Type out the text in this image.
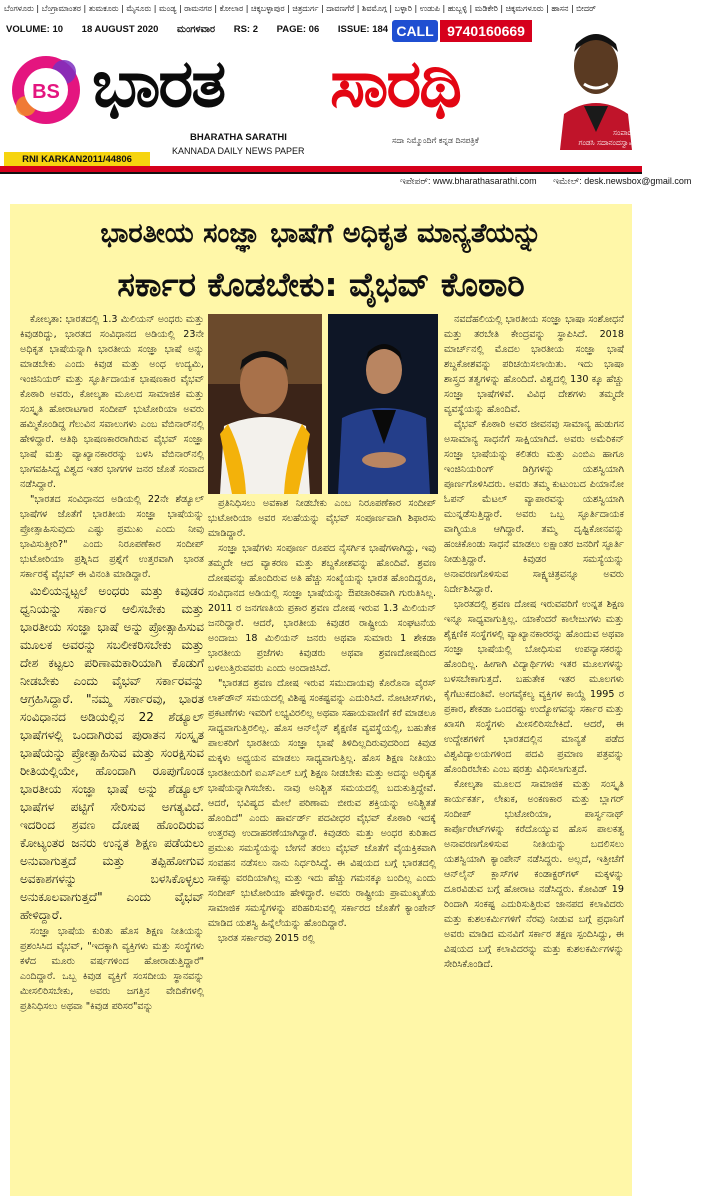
ಬೆಂಗಳೂರು | ಬೆಂಗ್ರಾಮಾಂತರ | ತುಮಕೂರು | ಮೈಸೂರು | ಮಂಡ್ಯ | ರಾಮನಗರ | ಕೋಲಾರ | ಚಿಕ್ಕಬಳ್ಳಾಪುರ | ಚಿತ್ರದುರ್ಗ | ದಾವಣಗೆರೆ | ಶಿವಮೊಗ್ಗ | ಬಳ್ಳಾರಿ | ಉಡುಪಿ | ಹುಬ್ಬಳ್ಳಿ | ಮಡಿಕೇರಿ | ಚಿಕ್ಕಮಗಳೂರು | ಹಾಸನ | ಬೀದರ್
VOLUME: 10 18 AUGUST 2020 ಮಂಗಳವಾರ RS: 2 PAGE: 06 ISSUE: 184 CALL 9740160669
BS ಭಾರತ ಸಾರಥಿ
BHARATHA SARATHI
KANNADA DAILY NEWS PAPER
ಸದಾ ನಿಮ್ಮೊಂದಿಗೆ ಕನ್ನಡ ದಿನಪತ್ರಿಕೆ
RNI KARKAN2011/44806
ಸಂಪಾದಕ
ಗಂಡಸಿ ಸದಾನಂದಸ್ವಾಮಿ
ಇಪೇಪರ್: www.bharathasarathi.com ಇಮೇಲ್: desk.newsbox@gmail.com
ಭಾರತೀಯ ಸಂಜ್ಞಾ ಭಾಷೆಗೆ ಅಧಿಕೃತ ಮಾನ್ಯತೆಯನ್ನು
ಸರ್ಕಾರ ಕೊಡಬೇಕು: ವೈಭವ್ ಕೊಠಾರಿ

ಕೋಲ್ಕತಾ: ಭಾರತದಲ್ಲಿ 1.3 ಮಿಲಿಯನ್ ಅಂಧರು ಮತ್ತು ಕಿವುಡರಿದ್ದು, ಭಾರತದ ಸಂವಿಧಾನದ ಅಡಿಯಲ್ಲಿ 23ನೇ ಅಧಿಕೃತ ಭಾಷೆಯನ್ನಾಗಿ ಭಾರತೀಯ ಸಂಜ್ಞಾ ಭಾಷೆ ಅನ್ನು ಮಾಡಬೇಕು ಎಂದು ಕಿವುಡ ಮತ್ತು ಅಂಧ ಉದ್ಯಮಿ, ಇಂಜಿನಿಯರ್ ಮತ್ತು ಸ್ಫೂರ್ತಿದಾಯಕ ಭಾಷಣಕಾರ ವೈಭವ್ ಕೊಠಾರಿ ಅವರು, ಕೋಲ್ಕತಾ ಮೂಲದ ಸಾಮಾಜಿಕ ಮತ್ತು ಸಂಸ್ಕೃತಿ ಹೋರಾಟಗಾರ ಸಂದೀಪ್ ಭುಟೋರಿಯಾ ಅವರು ಹಮ್ಮಿಕೊಂಡಿದ್ದ ಗೆಲುವಿನ ಸವಾಲುಗಳು ಎಂಬ ವೆಬಿನಾರ್‌ನಲ್ಲಿ ಹೇಳಿದ್ದಾರೆ. ಆತಿಥಿ ಭಾಷಣಕಾರರಾಗಿರುವ ವೈಭವ್ ಸಂಜ್ಞಾ ಭಾಷೆ ಮತ್ತು ವ್ಯಾಖ್ಯಾನಕಾರರನ್ನು ಬಳಸಿ ವೆಬಿನಾರ್‌ನಲ್ಲಿ ಭಾಗವಹಿಸಿದ್ದ ವಿಶ್ವದ ಇತರ ಭಾಗಗಳ ಜನರ ಜೊತೆ ಸಂವಾದ ನಡೆಸಿದ್ದಾರೆ.

"ಭಾರತದ ಸಂವಿಧಾನದ ಅಡಿಯಲ್ಲಿ 22ನೇ ಶೆಡ್ಯೂಲ್ ಭಾಷೆಗಳ ಜೊತೆಗೆ ಭಾರತೀಯ ಸಂಜ್ಞಾ ಭಾಷೆಯನ್ನು ಪ್ರೋತ್ಸಾಹಿಸುವುದು ಎಷ್ಟು ಪ್ರಮುಖ ಎಂದು ನೀವು ಭಾವಿಸುತ್ತೀರಿ?" ಎಂದು ನಿರೂಪಣೆಕಾರ ಸಂದೀಪ್ ಭುಟೋರಿಯಾ ಪ್ರಶ್ನಿಸಿದ ಪ್ರಶ್ನೆಗೆ ಉತ್ತರವಾಗಿ ಭಾರತ ಸರ್ಕಾರಕ್ಕೆ ವೈಭವ್ ಈ ವಿನಂತಿ ಮಾಡಿದ್ದಾರೆ.

ಮಿಲಿಯನ್ನಟ್ಟಲೆ ಅಂಧರು ಮತ್ತು ಕಿವುಡರ ಧ್ವನಿಯನ್ನು ಸರ್ಕಾರ ಆಲಿಸಬೇಕು ಮತ್ತು ಭಾರತೀಯ ಸಂಜ್ಞಾ ಭಾಷೆ ಅನ್ನು ಪ್ರೋತ್ಸಾಹಿಸುವ ಮೂಲಕ ಅವರನ್ನು ಸಬಲೀಕರಿಸಬೇಕು ಮತ್ತು ದೇಶ ಕಟ್ಟಲು ಪರಿಣಾಮಕಾರಿಯಾಗಿ ಕೊಡುಗೆ ನೀಡಬೇಕು ಎಂದು ವೈಭವ್ ಸರ್ಕಾರವನ್ನು ಆಗ್ರಹಿಸಿದ್ದಾರೆ. "ನಮ್ಮ ಸರ್ಕಾರವು, ಭಾರತ ಸಂವಿಧಾನದ ಅಡಿಯಲ್ಲಿನ 22 ಶೆಡ್ಯೂಲ್ ಭಾಷೆಗಳಲ್ಲಿ ಒಂದಾಗಿರುವ ಪುರಾತನ ಸಂಸ್ಕೃತ ಭಾಷೆಯನ್ನು ಪ್ರೋತ್ಸಾಹಿಸುವ ಮತ್ತು ಸಂರಕ್ಷಿಸುವ ರೀತಿಯಲ್ಲಿಯೇ, ಹೊಂದಾಗಿ ರೂಪುಗೊಂಡ ಭಾರತೀಯ ಸಂಜ್ಞಾ ಭಾಷೆ ಅನ್ನು ಶೆಡ್ಯೂಲ್ ಭಾಷೆಗಳ ಪಟ್ಟಿಗೆ ಸೇರಿಸುವ ಅಗತ್ಯವಿದೆ. ಇದರಿಂದ ಶ್ರವಣ ದೋಷ ಹೊಂದಿರುವ ಕೋಟ್ಯಂತರ ಜನರು ಉನ್ನತ ಶಿಕ್ಷಣ ಪಡೆಯಲು ಅನುವಾಗುತ್ತದೆ ಮತ್ತು ತಪ್ಪಿಹೋಗುವ ಅವಕಾಶಗಳನ್ನು ಬಳಸಿಕೊಳ್ಳಲು ಅನುಕೂಲವಾಗುತ್ತದೆ" ಎಂದು ವೈಭವ್ ಹೇಳಿದ್ದಾರೆ.

ಸಂಜ್ಞಾ ಭಾಷೆಯ ಕುರಿತು ಹೊಸ ಶಿಕ್ಷಣ ನೀತಿಯನ್ನು ಪ್ರಶಂಸಿಸಿದ ವೈಭವ್, "ಇದಕ್ಕಾಗಿ ವ್ಯಕ್ತಿಗಳು ಮತ್ತು ಸಂಸ್ಥೆಗಳು ಕಳೆದ ಮೂರು ವರ್ಷಗಳಿಂದ ಹೋರಾಡುತ್ತಿದ್ದಾರೆ" ಎಂದಿದ್ದಾರೆ. ಒಬ್ಬ ಕಿವುಡ ವ್ಯಕ್ತಿಗೆ ಸಂಸದೀಯ ಸ್ಥಾನವನ್ನು ಮೀಸಲಿರಿಸಬೇಕು, ಅವರು ಜಗತ್ತಿನ ವೇದಿಕೆಗಳಲ್ಲಿ ಪ್ರತಿನಿಧಿಸಲು ಅಥವಾ "ಕಿವುಡ ಪರಿಸರ"ವನ್ನು

ಪ್ರತಿನಿಧಿಸಲು ಅವಕಾಶ ನೀಡಬೇಕು ಎಂಬ ನಿರೂಪಣೆಕಾರ ಸಂದೀಪ್ ಭುಟೋರಿಯಾ ಅವರ ಸಲಹೆಯನ್ನು ವೈಭವ್ ಸಂಪೂರ್ಣವಾಗಿ ಶಿಫಾರಸು ಮಾಡಿದ್ದಾರೆ.

ಸಂಜ್ಞಾ ಭಾಷೆಗಳು ಸಂಪೂರ್ಣ ರೂಪದ ನೈಸರ್ಗಿಕ ಭಾಷೆಗಳಾಗಿದ್ದು, ಇವು ತಮ್ಮದೇ ಆದ ವ್ಯಾಕರಣ ಮತ್ತು ಶಬ್ದಕೋಶವನ್ನು ಹೊಂದಿವೆ. ಶ್ರವಣ ದೋಷವನ್ನು ಹೊಂದಿರುವ ಅತಿ ಹೆಚ್ಚು ಸಂಖ್ಯೆಯನ್ನು ಭಾರತ ಹೊಂದಿದ್ದರೂ, ಸಂವಿಧಾನದ ಅಡಿಯಲ್ಲಿ ಸಂಜ್ಞಾ ಭಾಷೆಯನ್ನು ಔಪಚಾರಿಕವಾಗಿ ಗುರುತಿಸಿಲ್ಲ. 2011 ರ ಜನಗಣತಿಯ ಪ್ರಕಾರ ಶ್ರವಣ ದೋಷ ಇರುವ 1.3 ಮಿಲಿಯನ್ ಜನರಿದ್ದಾರೆ. ಆದರೆ, ಭಾರತೀಯ ಕಿವುಡರ ರಾಷ್ಟ್ರೀಯ ಸಂಘಟನೆಯ ಅಂದಾಜು 18 ಮಿಲಿಯನ್ ಜನರು ಅಥವಾ ಸುಮಾರು 1 ಶೇಕಡಾ ಭಾರತೀಯ ಪ್ರಜೆಗಳು ಕಿವುಡರು ಅಥವಾ ಶ್ರವಣದೋಷದಿಂದ ಬಳಲುತ್ತಿರುವವರು ಎಂದು ಅಂದಾಜಿಸಿದೆ.

"ಭಾರತದ ಶ್ರವಣ ದೋಷ ಇರುವ ಸಮುದಾಯವು ಕೊರೊನಾ ವೈರಸ್ ಲಾಕ್‌ಡೌನ್ ಸಮಯದಲ್ಲಿ ವಿಶಿಷ್ಟ ಸಂಕಷ್ಟವನ್ನು ಎದುರಿಸಿದೆ. ನೋಟೀಸ್‌ಗಳು, ಪ್ರಕಟಣೆಗಳು ಇವರಿಗೆ ಲಭ್ಯವಿರಲಿಲ್ಲ ಅಥವಾ ಸಹಾಯವಾಣಿಗೆ ಕರೆ ಮಾಡಲೂ ಸಾಧ್ಯವಾಗುತ್ತಿರಲಿಲ್ಲ. ಹೊಸ ಆನ್‌ಲೈನ್ ಶೈಕ್ಷಣಿಕ ವ್ಯವಸ್ಥೆಯಲ್ಲಿ, ಬಹುತೇಕ ಪಾಲಕರಿಗೆ ಭಾರತೀಯ ಸಂಜ್ಞಾ ಭಾಷೆ ತಿಳಿದಿಲ್ಲದಿರುವುದರಿಂದ ಕಿವುಡ ಮಕ್ಕಳು ಅಧ್ಯಯನ ಮಾಡಲು ಸಾಧ್ಯವಾಗುತ್ತಿಲ್ಲ. ಹೊಸ ಶಿಕ್ಷಣ ನೀತಿಯು ಭಾರತೀಯರಿಗೆ ಐಎಸ್‌ಎಲ್ ಬಗ್ಗೆ ಶಿಕ್ಷಣ ನೀಡಬೇಕು ಮತ್ತು ಅದನ್ನು ಅಧಿಕೃತ ಭಾಷೆಯನ್ನಾಗಿಸಬೇಕು. ನಾವು ಅನಿಶ್ಚಿತ ಸಮಯದಲ್ಲಿ ಬದುಕುತ್ತಿದ್ದೇವೆ. ಆದರೆ, ಭವಿಷ್ಯದ ಮೇಲೆ ಪರಿಣಾಮ ಬೀರುವ ಶಕ್ತಿಯನ್ನು ಅನಿಶ್ಚಿತತೆ ಹೊಂದಿದೆ" ಎಂದು ಹಾರ್ವರ್ಡ್ ಪದವೀಧರ ವೈಭವ್ ಕೊಠಾರಿ ಇದಕ್ಕೆ ಉತ್ತರವು ಉದಾಹರಣೆಯಾಗಿದ್ದಾರೆ. ಕಿವುಡರು ಮತ್ತು ಅಂಧರ ಕುರಿತಾದ ಪ್ರಮುಖ ಸಮಸ್ಯೆಯನ್ನು ಬೇಗನೆ ತರಲು ವೈಭವ್ ಜೊತೆಗೆ ವೈಯಕ್ತಿಕವಾಗಿ ಸಂವಹನ ನಡೆಸಲು ನಾನು ನಿರ್ಧರಿಸಿದ್ದೆ. ಈ ವಿಷಯದ ಬಗ್ಗೆ ಭಾರತದಲ್ಲಿ ಸಾಕಷ್ಟು ವರದಿಯಾಗಿಲ್ಲ ಮತ್ತು ಇದು ಹೆಚ್ಚು ಗಮನಕ್ಕೂ ಬಂದಿಲ್ಲ ಎಂದು ಸಂದೀಪ್ ಭುಟೋರಿಯಾ ಹೇಳಿದ್ದಾರೆ. ಅವರು ರಾಷ್ಟ್ರೀಯ ಪ್ರಾಮುಖ್ಯತೆಯ ಸಾಮಾಜಿಕ ಸಮಸ್ಯೆಗಳನ್ನು ಪರಿಹರಿಸುವಲ್ಲಿ ಸರ್ಕಾರದ ಜೊತೆಗೆ ಕ್ಯಾಂಪೇನ್ ಮಾಡಿದ ಯಶಸ್ವಿ ಹಿನ್ನೆಲೆಯನ್ನು ಹೊಂದಿದ್ದಾರೆ.

ಭಾರತ ಸರ್ಕಾರವು 2015 ರಲ್ಲಿ

ನವದೆಹಲಿಯಲ್ಲಿ ಭಾರತೀಯ ಸಂಜ್ಞಾ ಭಾಷಾ ಸಂಶೋಧನೆ ಮತ್ತು ತರಬೇತಿ ಕೇಂದ್ರವನ್ನು ಸ್ಥಾಪಿಸಿದೆ. 2018 ಮಾರ್ಚ್‌ನಲ್ಲಿ ಮೊದಲ ಭಾರತೀಯ ಸಂಜ್ಞಾ ಭಾಷೆ ಶಬ್ದಕೋಶವನ್ನು ಪರಿಚಯಿಸಲಾಯಿತು. ಇದು ಭಾಷಾ ಶಾಸ್ತ್ರದ ತತ್ವಗಳನ್ನು ಹೊಂದಿದೆ. ವಿಶ್ವದಲ್ಲಿ 130 ಕ್ಕೂ ಹೆಚ್ಚು ಸಂಜ್ಞಾ ಭಾಷೆಗಳಿವೆ. ವಿವಿಧ ದೇಶಗಳು ತಮ್ಮದೇ ವ್ಯವಸ್ಥೆಯನ್ನು ಹೊಂದಿವೆ.

ವೈಭವ್ ಕೊಠಾರಿ ಅವರ ಜೀವನವು ಸಾಮಾನ್ಯ ಹುಡುಗನ ಅಸಾಮಾನ್ಯ ಸಾಧನೆಗೆ ಸಾಕ್ಷಿಯಾಗಿದೆ. ಅವರು ಅಮೆರಿಕನ್ ಸಂಜ್ಞಾ ಭಾಷೆಯನ್ನು ಕಲಿತರು ಮತ್ತು ಎಂಬಿಎ ಹಾಗೂ ಇಂಜಿನಿಯರಿಂಗ್ ಡಿಗ್ರಿಗಳನ್ನು ಯಶಸ್ವಿಯಾಗಿ ಪೂರ್ಣಗೊಳಿಸಿದರು. ಅವರು ತಮ್ಮ ಕುಟುಂಬದ ಪಿಯಾನೋ ಓಪನ್ ಮೆಟಲ್ ವ್ಯಾಪಾರವನ್ನು ಯಶಸ್ವಿಯಾಗಿ ಮುನ್ನಡೆಸುತ್ತಿದ್ದಾರೆ. ಅವರು ಒಬ್ಬ ಸ್ಫೂರ್ತಿದಾಯಕ ವಾಗ್ಮಿಯೂ ಆಗಿದ್ದಾರೆ. ತಮ್ಮ ದೃಷ್ಟಿಕೋನವನ್ನು ಹಂಚಿಕೊಂಡು ಸಾಧನೆ ಮಾಡಲು ಲಕ್ಷಾಂತರ ಜನರಿಗೆ ಸ್ಫೂರ್ತಿ ನೀಡುತ್ತಿದ್ದಾರೆ. ಕಿವುಡರ ಸಮಸ್ಯೆಯನ್ನು ಅನಾವರಣಗೊಳಿಸುವ ಸಾಕ್ಷ್ಯಚಿತ್ರವನ್ನೂ ಅವರು ನಿರ್ದೇಶಿಸಿದ್ದಾರೆ.

ಭಾರತದಲ್ಲಿ ಶ್ರವಣ ದೋಷ ಇರುವವರಿಗೆ ಉನ್ನತ ಶಿಕ್ಷಣ ಇನ್ನೂ ಸಾಧ್ಯವಾಗುತ್ತಿಲ್ಲ. ಯಾಕೆಂದರೆ ಕಾಲೇಜುಗಳು ಮತ್ತು ಶೈಕ್ಷಣಿಕ ಸಂಸ್ಥೆಗಳಲ್ಲಿ ವ್ಯಾಖ್ಯಾನಕಾರರನ್ನು ಹೊಂದುವ ಅಥವಾ ಸಂಜ್ಞಾ ಭಾಷೆಯಲ್ಲಿ ಬೋಧಿಸುವ ಉಪನ್ಯಾಸಕರನ್ನು ಹೊಂದಿಲ್ಲ. ಹೀಗಾಗಿ ವಿದ್ಯಾರ್ಥಿಗಳು ಇತರ ಮೂಲಗಳನ್ನು ಬಳಸಬೇಕಾಗುತ್ತದೆ. ಬಹುತೇಕ ಇತರ ಮೂಲಗಳು ಕೈಗೆಟುಕದಂತಿವೆ. ಅಂಗವೈಕಲ್ಯ ವ್ಯಕ್ತಿಗಳ ಕಾಯ್ದೆ 1995 ರ ಪ್ರಕಾರ, ಶೇಕಡಾ ಒಂದರಷ್ಟು ಉದ್ಯೋಗವನ್ನು ಸರ್ಕಾರ ಮತ್ತು ಖಾಸಗಿ ಸಂಸ್ಥೆಗಳು ಮೀಸಲಿರಿಸಬೇಕಿದೆ. ಆದರೆ, ಈ ಉದ್ದೇಶಗಳಿಗೆ ಭಾರತದಲ್ಲಿನ ಮಾನ್ಯತೆ ಪಡೆದ ವಿಶ್ವವಿದ್ಯಾಲಯಗಳಿಂದ ಪದವಿ ಪ್ರಮಾಣ ಪತ್ರವನ್ನು ಹೊಂದಿರಬೇಕು ಎಂಬ ಷರತ್ತು ವಿಧಿಸಲಾಗುತ್ತದೆ.

ಕೋಲ್ಕತಾ ಮೂಲದ ಸಾಮಾಜಿಕ ಮತ್ತು ಸಂಸ್ಕೃತಿ ಕಾರ್ಯಕರ್ತ, ಲೇಖಕ, ಅಂಕಣಕಾರ ಮತ್ತು ಬ್ಲಾಗರ್ ಸಂದೀಪ್ ಭುಟೋರಿಯಾ, ಪಾರ್ಸ್ವನಾಥ್ ಕಾರ್ಪೊರೇಟ್‌ಗಳನ್ನು ಕರೆದೊಯ್ಯುವ ಹೊಸ ಪಾಲಕತ್ವ ಅನಾವರಣಗೊಳಿಸುವ ನೀತಿಯನ್ನು ಬದಲಿಸಲು ಯಶಸ್ವಿಯಾಗಿ ಕ್ಯಾಂಪೇನ್ ನಡೆಸಿದ್ದರು. ಅಲ್ಲದೆ, ಇತ್ತೀಚೆಗೆ ಆನ್‌ಲೈನ್ ಕ್ಲಾಸ್‌ಗಳ ಕಂಡಾಕ್ಟರ್‌ಗಳ್ ಮಕ್ಕಳನ್ನು ದೂರವಿಡುವ ಬಗ್ಗೆ ಹೋರಾಟ ನಡೆಸಿದ್ದರು. ಕೋವಿಡ್ 19 ರಿಂದಾಗಿ ಸಂಕಷ್ಟ ಎದುರಿಸುತ್ತಿರುವ ಜಾನಪದ ಕಲಾವಿದರು ಮತ್ತು ಕುಶಲಕರ್ಮಿಗಳಿಗೆ ನೆರವು ನೀಡುವ ಬಗ್ಗೆ ಪ್ರಧಾನಿಗೆ ಅವರು ಮಾಡಿದ ಮನವಿಗೆ ಸರ್ಕಾರ ತಕ್ಷಣ ಸ್ಪಂದಿಸಿದ್ದು, ಈ ವಿಷಯದ ಬಗ್ಗೆ ಕಲಾವಿದರನ್ನು ಮತ್ತು ಕುಶಲಕರ್ಮಿಗಳನ್ನು ಸೇರಿಸಿಕೊಂಡಿದೆ.
